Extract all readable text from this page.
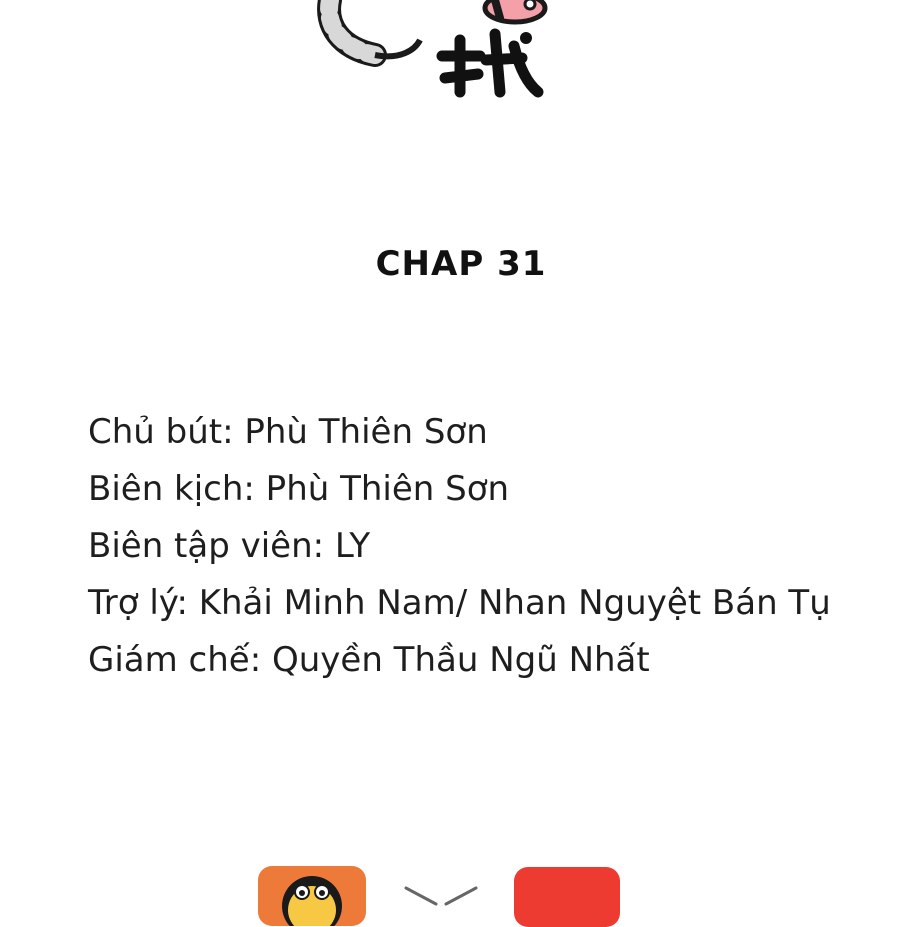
CHAP 31
Chủ bút: Phù Thiên Sơn
Biên kịch: Phù Thiên Sơn
Biên tập viên: LY
Trợ lý: Khải Minh Nam/ Nhan Nguyệt Bán Tụ
Giám chế: Quyền Thầu Ngũ Nhất
